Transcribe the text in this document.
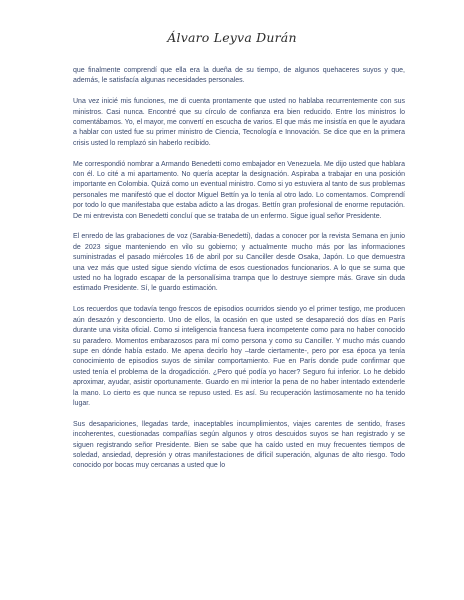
Álvaro Leyva Durán

que finalmente comprendí que ella era la dueña de su tiempo, de algunos quehaceres suyos y que, además, le satisfacía algunas necesidades personales.

Una vez inicié mis funciones, me di cuenta prontamente que usted no hablaba recurrentemente con sus ministros. Casi nunca. Encontré que su círculo de confianza era bien reducido. Entre los ministros lo comentábamos. Yo, el mayor, me convertí en escucha de varios. El que más me insistía en que le ayudara a hablar con usted fue su primer ministro de Ciencia, Tecnología e Innovación. Se dice que en la primera crisis usted lo remplazó sin haberlo recibido.

Me correspondió nombrar a Armando Benedetti como embajador en Venezuela. Me dijo usted que hablara con él. Lo cité a mi apartamento. No quería aceptar la designación. Aspiraba a trabajar en una posición importante en Colombia. Quizá como un eventual ministro. Como si yo estuviera al tanto de sus problemas personales me manifestó que el doctor Miguel Bettín ya lo tenía al otro lado. Lo comentamos. Comprendí por todo lo que manifestaba que estaba adicto a las drogas. Bettín gran profesional de enorme reputación. De mi entrevista con Benedetti concluí que se trataba de un enfermo. Sigue igual señor Presidente.

El enredo de las grabaciones de voz (Sarabia-Benedetti), dadas a conocer por la revista Semana en junio de 2023 sigue manteniendo en vilo su gobierno; y actualmente mucho más por las informaciones suministradas el pasado miércoles 16 de abril por su Canciller desde Osaka, Japón. Lo que demuestra una vez más que usted sigue siendo víctima de esos cuestionados funcionarios. A lo que se suma que usted no ha logrado escapar de la personalísima trampa que lo destruye siempre más. Grave sin duda estimado Presidente. Sí, le guardo estimación.

Los recuerdos que todavía tengo frescos de episodios ocurridos siendo yo el primer testigo, me producen aún desazón y desconcierto. Uno de ellos, la ocasión en que usted se desapareció dos días en París durante una visita oficial. Como si inteligencia francesa fuera incompetente como para no haber conocido su paradero. Momentos embarazosos para mí como persona y como su Canciller. Y mucho más cuando supe en dónde había estado. Me apena decirlo hoy –tarde ciertamente-, pero por esa época ya tenía conocimiento de episodios suyos de similar comportamiento. Fue en París donde pude confirmar que usted tenía el problema de la drogadicción. ¿Pero qué podía yo hacer? Seguro fui inferior. Lo he debido aproximar, ayudar, asistir oportunamente. Guardo en mi interior la pena de no haber intentado extenderle la mano. Lo cierto es que nunca se repuso usted. Es así. Su recuperación lastimosamente no ha tenido lugar.

Sus desapariciones, llegadas tarde, inaceptables incumplimientos, viajes carentes de sentido, frases incoherentes, cuestionadas compañías según algunos y otros descuidos suyos se han registrado y se siguen registrando señor Presidente. Bien se sabe que ha caído usted en muy frecuentes tiempos de soledad, ansiedad, depresión y otras manifestaciones de difícil superación, algunas de alto riesgo. Todo conocido por bocas muy cercanas a usted que lo
